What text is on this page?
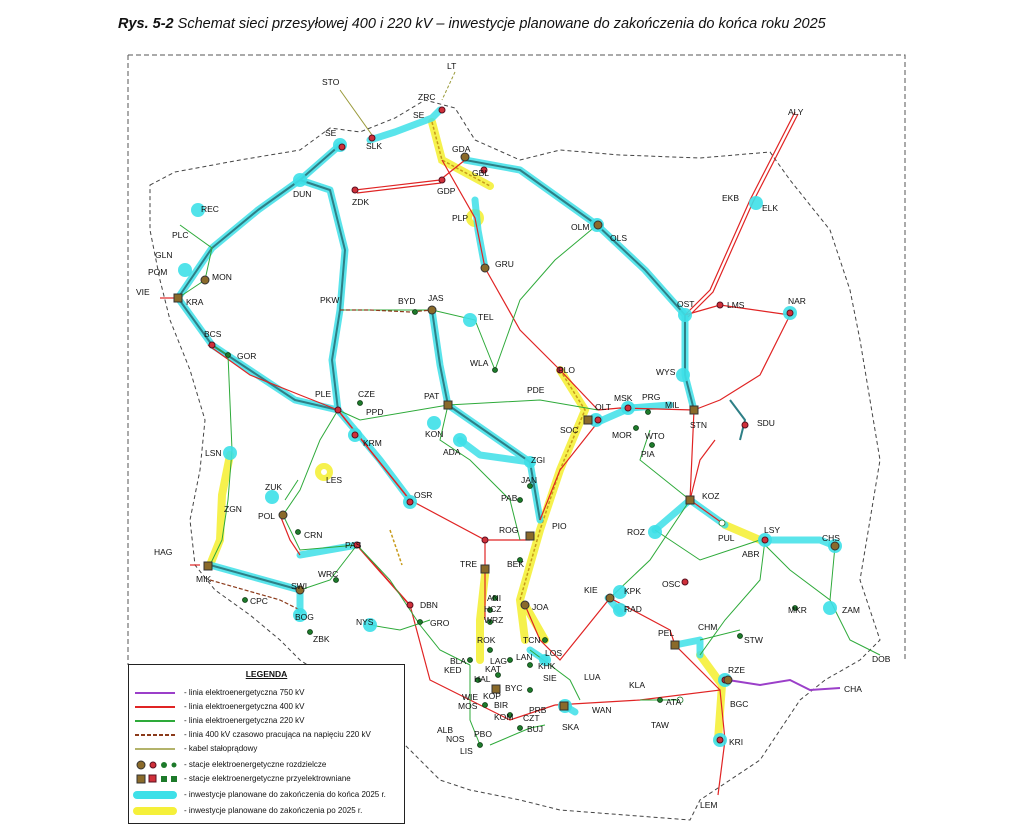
Rys. 5-2 Schemat sieci przesyłowej 400 i 220 kV – inwestycje planowane do zakończenia do końca roku 2025
STO
LT
ZRC
SE
SE
SLK	GDA
GBL
GDP
ALY
DUN
ZDK
PLP
REC
PLC
GLN
POM	MON
VIE
KRA
OLM
OLS
EKB
ELK
GRU
PKW	BYD JAS
TEL
OST	LMS	NAR
BCS
GOR
WLA
PLO	WYS
PLE	CZE
PPD
PAT
PDE
MSK PRG
MIL
OLT
SOC	MOR WTO
STN	SDU
KRM
KON
ADA	PIA
LSN
LES
ZGI
JAN
ZUK
PAB	KOZ
OSR
ZGN
POL
CRN	ROG	PIO
ROZ
PUL
LSY
CHS
ABR
HAG
PAS
MIK
TRE	BEK
WRC
SWI
CPC	ANI
HCZ
WRZ
JOA
KIE	KPK
RAD
OSC
MKR	ZAM
BOG
DBN
NYS
ZBK
GRO
PEL
CHM
STW
DOB
ROK	TCN
LOS
BLA
KED
LAG LAN
KAT	KHK
HAL	SIE
RZE
LUA
CHA
KLA
BYC
WIE KOP
BGC
ATA
MOS BIR PRB	WAN
KOM CZT
SKA	TAW
ALB
NOS PBO	BUJ
LIS
KRI
LEM
LEGENDA
- linia elektroenergetyczna 750 kV
- linia elektroenergetyczna 400 kV
- linia elektroenergetyczna 220 kV
- linia 400 kV czasowo pracująca na napięciu 220 kV
- kabel stałoprądowy
- stacje elektroenergetyczne rozdzielcze
- stacje elektroenergetyczne przyelektrowniane
- inwestycje planowane do zakończenia do końca 2025 r.
- inwestycje planowane do zakończenia po 2025 r.
